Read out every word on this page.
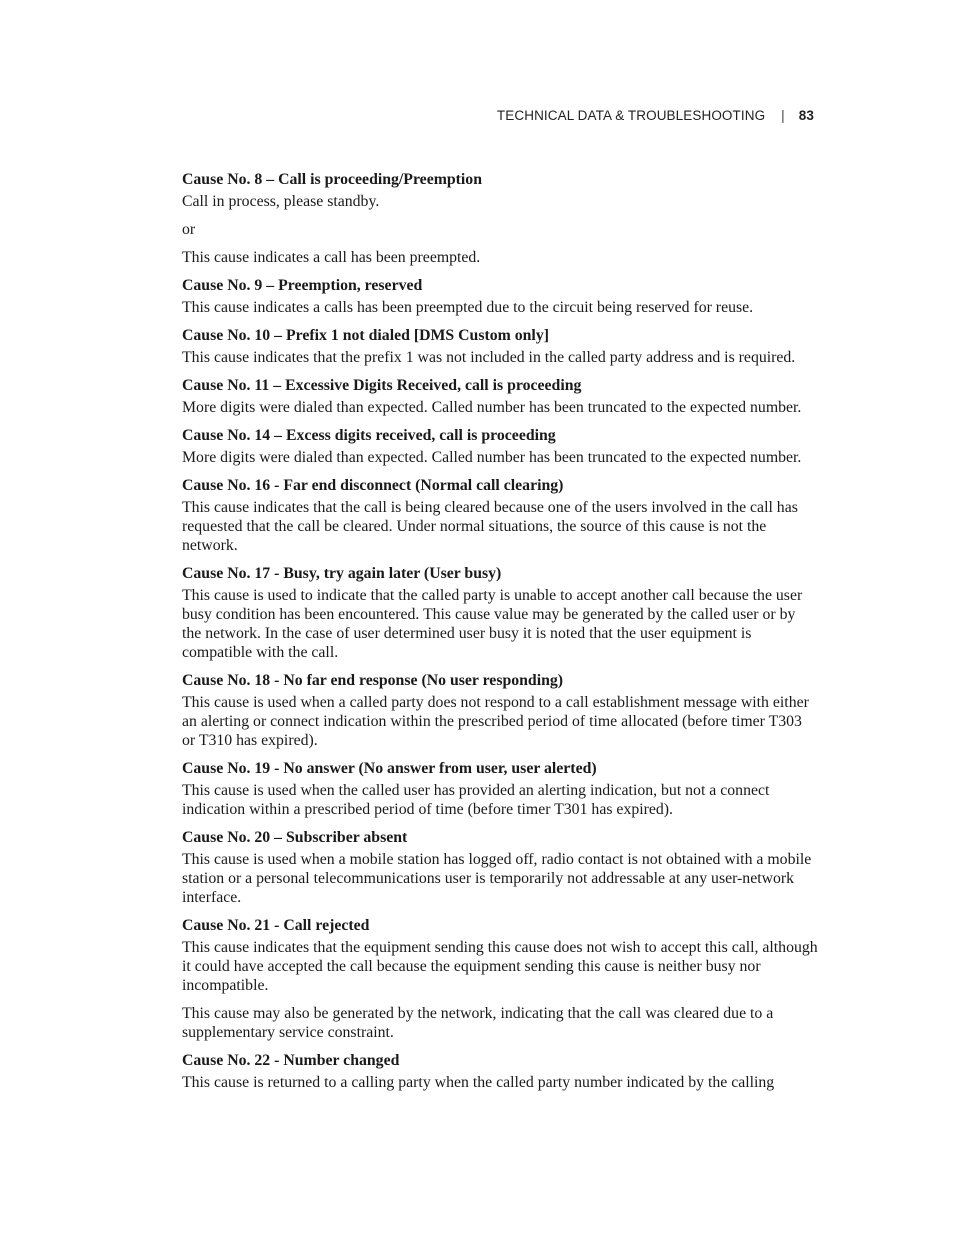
TECHNICAL DATA & TROUBLESHOOTING | 83
Cause No. 8 – Call is proceeding/Preemption

Call in process, please standby.

or

This cause indicates a call has been preempted.

Cause No. 9 – Preemption, reserved

This cause indicates a calls has been preempted due to the circuit being reserved for reuse.

Cause No. 10 – Prefix 1 not dialed [DMS Custom only]

This cause indicates that the prefix 1 was not included in the called party address and is required.

Cause No. 11 – Excessive Digits Received, call is proceeding

More digits were dialed than expected. Called number has been truncated to the expected number.

Cause No. 14 – Excess digits received, call is proceeding

More digits were dialed than expected. Called number has been truncated to the expected number.

Cause No. 16 - Far end disconnect (Normal call clearing)

This cause indicates that the call is being cleared because one of the users involved in the call has requested that the call be cleared. Under normal situations, the source of this cause is not the network.

Cause No. 17 - Busy, try again later (User busy)

This cause is used to indicate that the called party is unable to accept another call because the user busy condition has been encountered. This cause value may be generated by the called user or by the network. In the case of user determined user busy it is noted that the user equipment is compatible with the call.

Cause No. 18 - No far end response (No user responding)

This cause is used when a called party does not respond to a call establishment message with either an alerting or connect indication within the prescribed period of time allocated (before timer T303 or T310 has expired).

Cause No. 19 - No answer (No answer from user, user alerted)

This cause is used when the called user has provided an alerting indication, but not a connect indication within a prescribed period of time (before timer T301 has expired).

Cause No. 20 – Subscriber absent

This cause is used when a mobile station has logged off, radio contact is not obtained with a mobile station or a personal telecommunications user is temporarily not addressable at any user-network interface.

Cause No. 21 - Call rejected

This cause indicates that the equipment sending this cause does not wish to accept this call, although it could have accepted the call because the equipment sending this cause is neither busy nor incompatible.

This cause may also be generated by the network, indicating that the call was cleared due to a supplementary service constraint.

Cause No. 22 - Number changed

This cause is returned to a calling party when the called party number indicated by the calling
